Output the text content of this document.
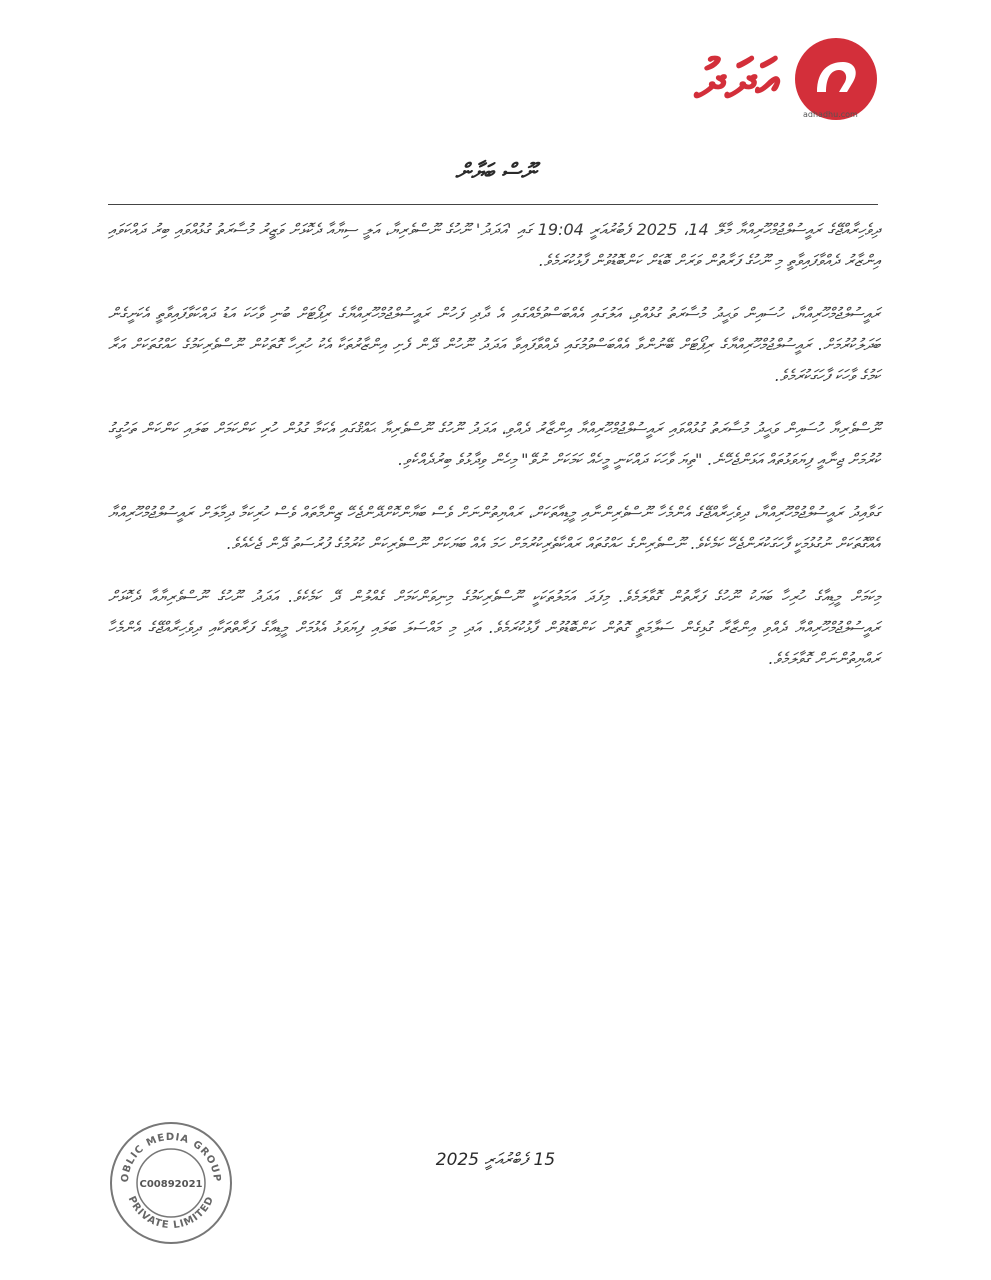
އަދަދު
adhadhu.com
ނޫސް ބަޔާން

ދިވެހިރާއްޖޭގެ ރައީސުލްޖުމްހޫރިއްޔާ މާލޭ 14، 2025 ފެބުރުއަރީ 19:04 ގައި 'އަދަދު' ނޫހުގެ ނޫސްވެރިޔާ، އަލީ ސިޔާއާ ދެކޮޅަށް ވަޒީރު މުސާރަތު ގުޅުއްވައި ބިރު ދައްކަވައި އިންޒާރު ދެއްވާފައިވާތީ މި ނޫހުގެ ފަރާތުން ވަރަށް ބޮޑަށް ކަންބޮޑުވުން ފާޅުކުރަމެވެ.

ރައީސުލްޖުމްހޫރިއްޔާ، ހުސައިން ވަޙީދު މުސާރަތު ގުޅުއްވި، އަލުގައި އެއްބަސްވުމެއްގައި އެ ދާދި ފަހުން ރައީސުލްޖުމްހޫރިއްޔާގެ ރިޕޯޓަށް ބުނި ވާހަކަ އަޑު ދައްކަވާފައިވާތީ އެކަށީގެން ބަދަލުކުރުމަށް. ރައީސުލްޖުމްހޫރިއްޔާގެ ރިޕޯޓަށް ބޭނުންވާ އެއްބަސްވުމުގައި ދެއްވާފައިވާ އަދަދު ނޫހުން ދޭން ފެށި އިންޒާރުތަކާ އެކު ހުރިހާ ގޮތަކުން ނޫސްވެރިކަމުގެ ހައްގުތަކަށް އަރާ ކަމުގެ ވާހަކަ ފާހަގަކުރަމެވެ.

ނޫސްވެރިޔާ ހުސައިން ވަޙީދު މުސާރަތު ގުޅުއްވައި ރައީސުލްޖުމްހޫރިއްޔާ އިންޒާރު ދެއްވި، އަދަދު ނޫހުގެ ނޫސްވެރިޔާ ޙައްޤުގައި އެކަމާ ގުޅުން ހުރި ކަންކަމަށް ބަލައި ކަންކަން ތަހުގީގު ކުރުމަށް ޖިނާއީ ފިޔަވަޅުތައް އަޅަންޖެހޭނެ. "ތިޔަ ވާހަކަ ދައްކަނީ މީހެއް ކަމަކަށް ނުވޭ" މިހެން ވިދާޅުވެ ބިރުދެއްކެވި.

ގަވާއިދު ރައީސުލްޖުމްހޫރިއްޔާ، ދިވެހިރާއްޖޭގެ އެންމެހާ ނޫސްވެރިންނާއި މީޑިއާތަކަށް، ރައްޔިތުންނަށް ވެސް ބަޔާންކޮށްދޭންޖެހޭ ޒިންމާތައް ވެސް ހުރިކަމާ ދިމާލަށް ރައީސުލްޖުމްހޫރިއްޔާ އެއްގޮތަކަށް ނުގުޅުމަކީ ފާހަގަކުރަންޖެހޭ ކަމެކެވެ. ނޫސްވެރިންގެ ހައްގުތައް ރައްކާތެރިކުރުމަށް ހަމަ އެއް ބަޔަކަށް ނޫސްވެރިކަން ކުރުމުގެ ފުރުސަތު ދޭން ޖެހެއެވެ.

މިކަމަށް މީޑިއާގެ ހުރިހާ ބަޔަކު ނޫހުގެ ފަރާތުން ގޮވާލަމެވެ. މިފަދަ އަމަލުތަކަކީ ނޫސްވެރިކަމުގެ މިނިވަންކަމަށް ގެއްލުން ދޭ ކަމެކެވެ. އަދަދު ނޫހުގެ ނޫސްވެރިޔާއާ ދެކޮޅަށް ރައީސުލްޖުމްހޫރިއްޔާ ދެއްވި އިންޒާރާ ގުޅިގެން ސަލާމަތީ ގޮތުން ކަންބޮޑުވުން ފާޅުކުރަމެވެ. އަދި މި މައްސަލަ ބަލައި ފިޔަވަޅު އެޅުމަށް މީޑިއާގެ ފަރާތްތަކާއި ދިވެހިރާއްޖޭގެ އެންމެހާ ރައްޔިތުންނަށް ގޮވާލަމެވެ.

15 ފެބްރުއަރީ 2025
OBLIC MEDIA GROUP
PRIVATE LIMITED
C00892021
